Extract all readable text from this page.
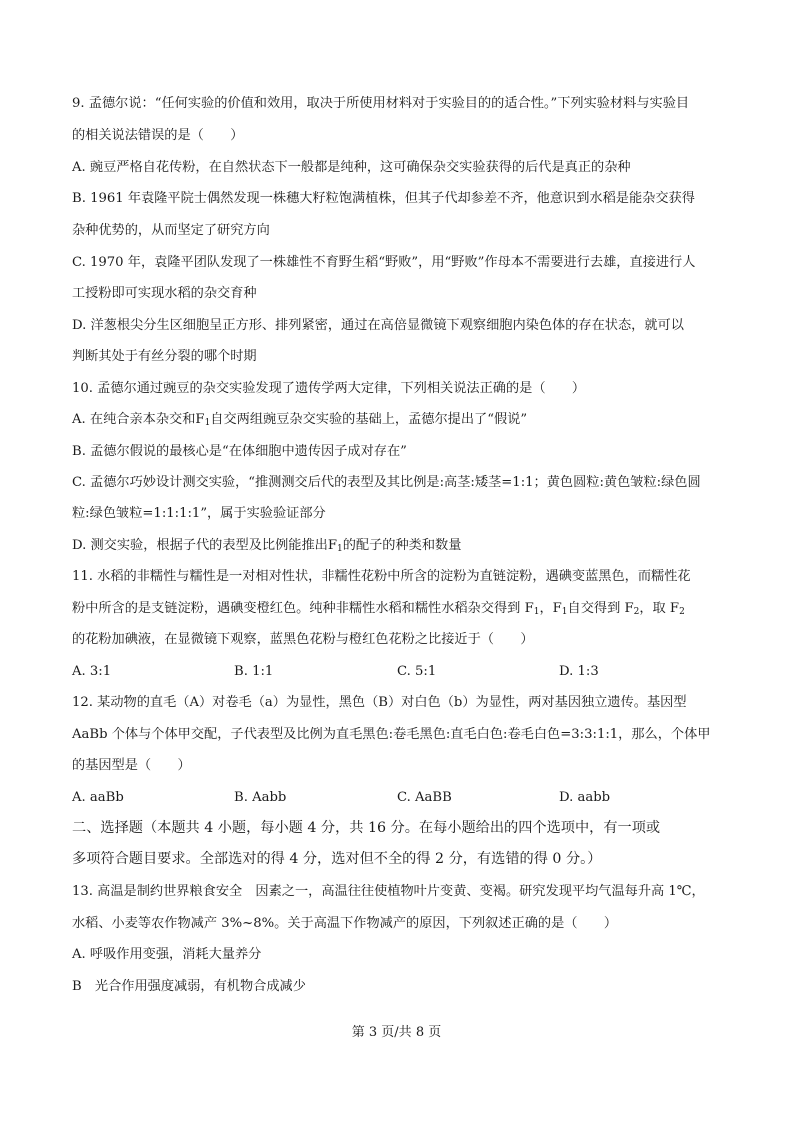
9. 孟德尔说：“任何实验的价值和效用，取决于所使用材料对于实验目的的适合性。”下列实验材料与实验目
的相关说法错误的是（　　）
A. 豌豆严格自花传粉，在自然状态下一般都是纯种，这可确保杂交实验获得的后代是真正的杂种
B. 1961 年袁隆平院士偶然发现一株穗大籽粒饱满植株，但其子代却参差不齐，他意识到水稻是能杂交获得
杂种优势的，从而坚定了研究方向
C. 1970 年，袁隆平团队发现了一株雄性不育野生稻“野败”，用“野败”作母本不需要进行去雄，直接进行人
工授粉即可实现水稻的杂交育种
D. 洋葱根尖分生区细胞呈正方形、排列紧密，通过在高倍显微镜下观察细胞内染色体的存在状态，就可以
判断其处于有丝分裂的哪个时期
10. 孟德尔通过豌豆的杂交实验发现了遗传学两大定律，下列相关说法正确的是（　　）
A. 在纯合亲本杂交和$F_1$自交两组豌豆杂交实验的基础上，孟德尔提出了“假说”
B. 孟德尔假说的最核心是“在体细胞中遗传因子成对存在”
C. 孟德尔巧妙设计测交实验，“推测测交后代的表型及其比例是:高茎:矮茎=1:1；黄色圆粒:黄色皱粒:绿色圆
粒:绿色皱粒=1:1:1:1”，属于实验验证部分
D. 测交实验，根据子代的表型及比例能推出$F_1$的配子的种类和数量
11. 水稻的非糯性与糯性是一对相对性状，非糯性花粉中所含的淀粉为直链淀粉，遇碘变蓝黑色，而糯性花
粉中所含的是支链淀粉，遇碘变橙红色。纯种非糯性水稻和糯性水稻杂交得到 $F_1$，$F_1$自交得到 $F_2$，取 $F_2$
的花粉加碘液，在显微镜下观察，蓝黑色花粉与橙红色花粉之比接近于（　　）
A. 3:1	B. 1:1	C. 5:1	D. 1:3
12. 某动物的直毛（A）对卷毛（a）为显性，黑色（B）对白色（b）为显性，两对基因独立遗传。基因型
AaBb 个体与个体甲交配，子代表型及比例为直毛黑色:卷毛黑色:直毛白色:卷毛白色=3:3:1:1，那么，个体甲
的基因型是（　　）
A. aaBb	B. Aabb	C. AaBB	D. aabb
二、选择题（本题共 4 小题，每小题 4 分，共 16 分。在每小题给出的四个选项中，有一项或
多项符合题目要求。全部选对的得 4 分，选对但不全的得 2 分，有选错的得 0 分。）
13. 高温是制约世界粮食安全　因素之一，高温往往使植物叶片变黄、变褐。研究发现平均气温每升高 1℃，
水稻、小麦等农作物减产 3%~8%。关于高温下作物减产的原因，下列叙述正确的是（　　）
A. 呼吸作用变强，消耗大量养分
B　光合作用强度减弱，有机物合成减少
第 3 页/共 8 页
